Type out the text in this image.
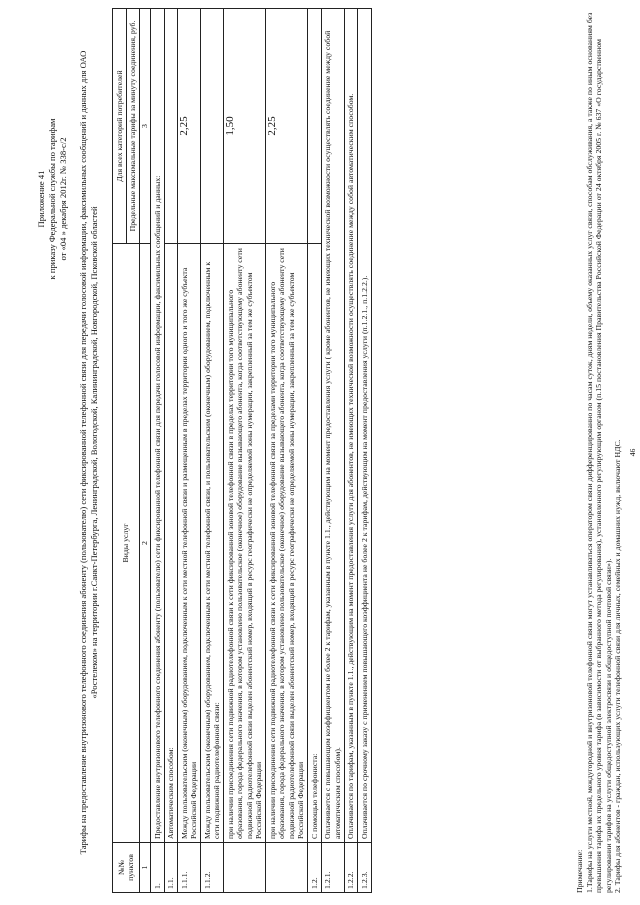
Приложение 41 к приказу Федеральной службы по тарифам от «04 » декабря 2012г. № 338-с/2 Тарифы на предоставление внутризонового телефонного соединения абоненту (пользователю) сети фиксированной телефонной связи для передачи голосовой информации, факсимильных сообщений и данных для ОАО «Ростелеком» на территории г.Санкт-Петербурга, Ленинградской, Вологодской, Калининградской, Новгородской, Псковской областей
№№ пунктов	Виды услуг	Для всех категорий потребителей
		Предельные максимальные тарифы за минуту соединения, руб.
1	2	3
1.	Предоставление внутризонового телефонного соединения абоненту (пользователю) сети фиксированной телефонной связи для передачи голосовой информации, факсимильных сообщений и данных:	
1.1.	Автоматическим способом:	
1.1.1.	Между пользовательским (оконечным) оборудованием, подключенным к сети местной телефонной связи и размещенным в пределах территории одного и того же субъекта Российской Федерации	2,25
1.1.2.	Между пользовательским (оконечным) оборудованием, подключенным к сети местной телефонной связи, и пользовательским (оконечным) оборудованием, подключенным к сети подвижной радиотелефонной связи:	
	при наличии присоединения сети подвижной радиотелефонной связи к сети фиксированной зоновой телефонной связи в пределах территории того муниципального образования, города федерального значения, в котором установлено пользовательское (оконечное) оборудование вызывающего абонента, когда соответствующему абоненту сети подвижной радиотелефонной связи выделен абонентский номер, входящий в ресурс географически не определяемой зоны нумерации, закрепленный за тем же субъектом Российской Федерации	1,50
	при наличии присоединения сети подвижной радиотелефонной связи к сети фиксированной зоновой телефонной связи за пределами территории того муниципального образования, города федерального значения, в котором установлено пользовательское (оконечное) оборудование вызывающего абонента, когда соответствующему абоненту сети подвижной радиотелефонной связи выделен абонентский номер, входящий в ресурс географически не определяемой зоны нумерации, закрепленный за тем же субъектом Российской Федерации	2,25
1.2.	С помощью телефониста:	
1.2.1.	Оплачивается с повышающим коэффициентом не более 2 к тарифам, указанным в пункте 1.1., действующим на момент предоставления услуги ( кроме абонентов, не имеющих технической возможности осуществлять соединение между собой автоматическим способом).	
1.2.2.	Оплачивается по тарифам, указанным в пункте 1.1., действующим на момент предоставления услуги для абонентов, не имеющих технической возможности осуществлять соединение между собой автоматическим способом.	
1.2.3.	Оплачивается по срочному заказу с применением повышающего коэффициента не более 2 к тарифам, действующим на момент предоставления услуги (п.1.2.1., п.1.2.2.).	
Примечание: 1.Тарифы на услуги местной, междугородной и внутризоновой телефонной связи могут устанавливаться оператором связи дифференцированно по часам суток, дням недели, объему оказанных услуг связи, способам обслуживания, а также по иным основаниям без превышения тарифа их предельного уровня тарифа (в зависимости от выбранного метода регулирования), установленного регулирующим органом (п.15 постановления Правительства Российской Федерации от 24 октября 2005 г. № 637 «О государственном регулировании тарифов на услуги общедоступной электросвязи и общедоступной почтовой связи»). 2. Тарифы для абонентов - граждан, использующих услуги телефонной связи для личных, семейных и домашних нужд, включают НДС. 46
